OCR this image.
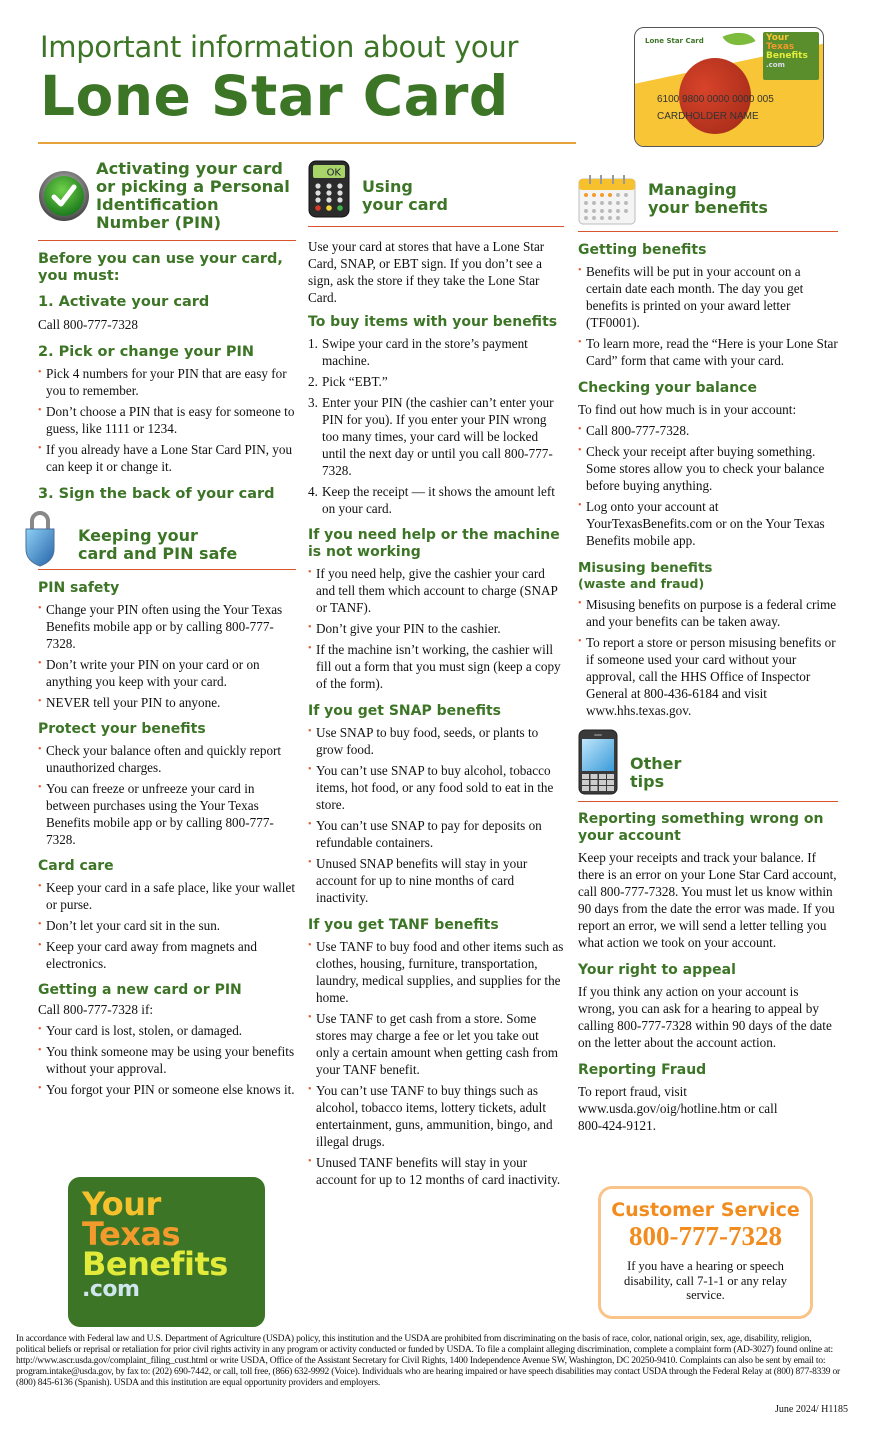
Important information about your
Lone Star Card
Lone Star Card	Your
Texas
Benefits
.com
6100 9800 0000 0000 005
CARDHOLDER NAME
Activating your card or picking a Personal Identification Number (PIN)
Before you can use your card, you must:
1. Activate your card
Call 800-777-7328
2. Pick or change your PIN
• Pick 4 numbers for your PIN that are easy for you to remember.
• Don’t choose a PIN that is easy for someone to guess, like 1111 or 1234.
• If you already have a Lone Star Card PIN, you can keep it or change it.
3. Sign the back of your card
Keeping your
card and PIN safe
PIN safety
• Change your PIN often using the Your Texas Benefits mobile app or by calling 800-777-7328.
• Don’t write your PIN on your card or on anything you keep with your card.
• NEVER tell your PIN to anyone.
Protect your benefits
• Check your balance often and quickly report unauthorized charges.
• You can freeze or unfreeze your card in between purchases using the Your Texas Benefits mobile app or by calling 800-777-7328.
Card care
• Keep your card in a safe place, like your wallet or purse.
• Don’t let your card sit in the sun.
• Keep your card away from magnets and electronics.
Getting a new card or PIN
Call 800-777-7328 if:
• Your card is lost, stolen, or damaged.
• You think someone may be using your benefits without your approval.
• You forgot your PIN or someone else knows it.
Your
Texas
Benefits
.com
OK
Using
your card
Use your card at stores that have a Lone Star Card, SNAP, or EBT sign. If you don’t see a sign, ask the store if they take the Lone Star Card.
To buy items with your benefits
1. Swipe your card in the store’s payment machine.
2. Pick “EBT.”
3. Enter your PIN (the cashier can’t enter your PIN for you). If you enter your PIN wrong too many times, your card will be locked until the next day or until you call 800-777-7328.
4. Keep the receipt — it shows the amount left on your card.
If you need help or the machine is not working
• If you need help, give the cashier your card and tell them which account to charge (SNAP or TANF).
• Don’t give your PIN to the cashier.
• If the machine isn’t working, the cashier will fill out a form that you must sign (keep a copy of the form).
If you get SNAP benefits
• Use SNAP to buy food, seeds, or plants to grow food.
• You can’t use SNAP to buy alcohol, tobacco items, hot food, or any food sold to eat in the store.
• You can’t use SNAP to pay for deposits on refundable containers.
• Unused SNAP benefits will stay in your account for up to nine months of card inactivity.
If you get TANF benefits
• Use TANF to buy food and other items such as clothes, housing, furniture, transportation, laundry, medical supplies, and supplies for the home.
• Use TANF to get cash from a store. Some stores may charge a fee or let you take out only a certain amount when getting cash from your TANF benefit.
• You can’t use TANF to buy things such as alcohol, tobacco items, lottery tickets, adult entertainment, guns, ammunition, bingo, and illegal drugs.
• Unused TANF benefits will stay in your account for up to 12 months of card inactivity.
Managing
your benefits
Getting benefits
• Benefits will be put in your account on a certain date each month. The day you get benefits is printed on your award letter (TF0001).
• To learn more, read the “Here is your Lone Star Card” form that came with your card.
Checking your balance
To find out how much is in your account:
• Call 800-777-7328.
• Check your receipt after buying something. Some stores allow you to check your balance before buying anything.
• Log onto your account at YourTexasBenefits.com or on the Your Texas Benefits mobile app.
Misusing benefits
(waste and fraud)
• Misusing benefits on purpose is a federal crime and your benefits can be taken away.
• To report a store or person misusing benefits or if someone used your card without your approval, call the HHS Office of Inspector General at 800-436-6184 and visit www.hhs.texas.gov.
Other
tips
Reporting something wrong on your account
Keep your receipts and track your balance. If there is an error on your Lone Star Card account, call 800-777-7328. You must let us know within 90 days from the date the error was made. If you report an error, we will send a letter telling you what action we took on your account.
Your right to appeal
If you think any action on your account is wrong, you can ask for a hearing to appeal by calling 800-777-7328 within 90 days of the date on the letter about the account action.
Reporting Fraud
To report fraud, visit www.usda.gov/oig/hotline.htm or call 800-424-9121.
Customer Service
800-777-7328
If you have a hearing or speech disability, call 7-1-1 or any relay service.
In accordance with Federal law and U.S. Department of Agriculture (USDA) policy, this institution and the USDA are prohibited from discriminating on the basis of race, color, national origin, sex, age, disability, religion, political beliefs or reprisal or retaliation for prior civil rights activity in any program or activity conducted or funded by USDA. To file a complaint alleging discrimination, complete a complaint form (AD-3027) found online at: http://www.ascr.usda.gov/complaint_filing_cust.html or write USDA, Office of the Assistant Secretary for Civil Rights, 1400 Independence Avenue SW, Washington, DC 20250-9410. Complaints can also be sent by email to: program.intake@usda.gov, by fax to: (202) 690-7442, or call, toll free, (866) 632-9992 (Voice). Individuals who are hearing impaired or have speech disabilities may contact USDA through the Federal Relay at (800) 877-8339 or (800) 845-6136 (Spanish). USDA and this institution are equal opportunity providers and employers.
June 2024/ H1185
